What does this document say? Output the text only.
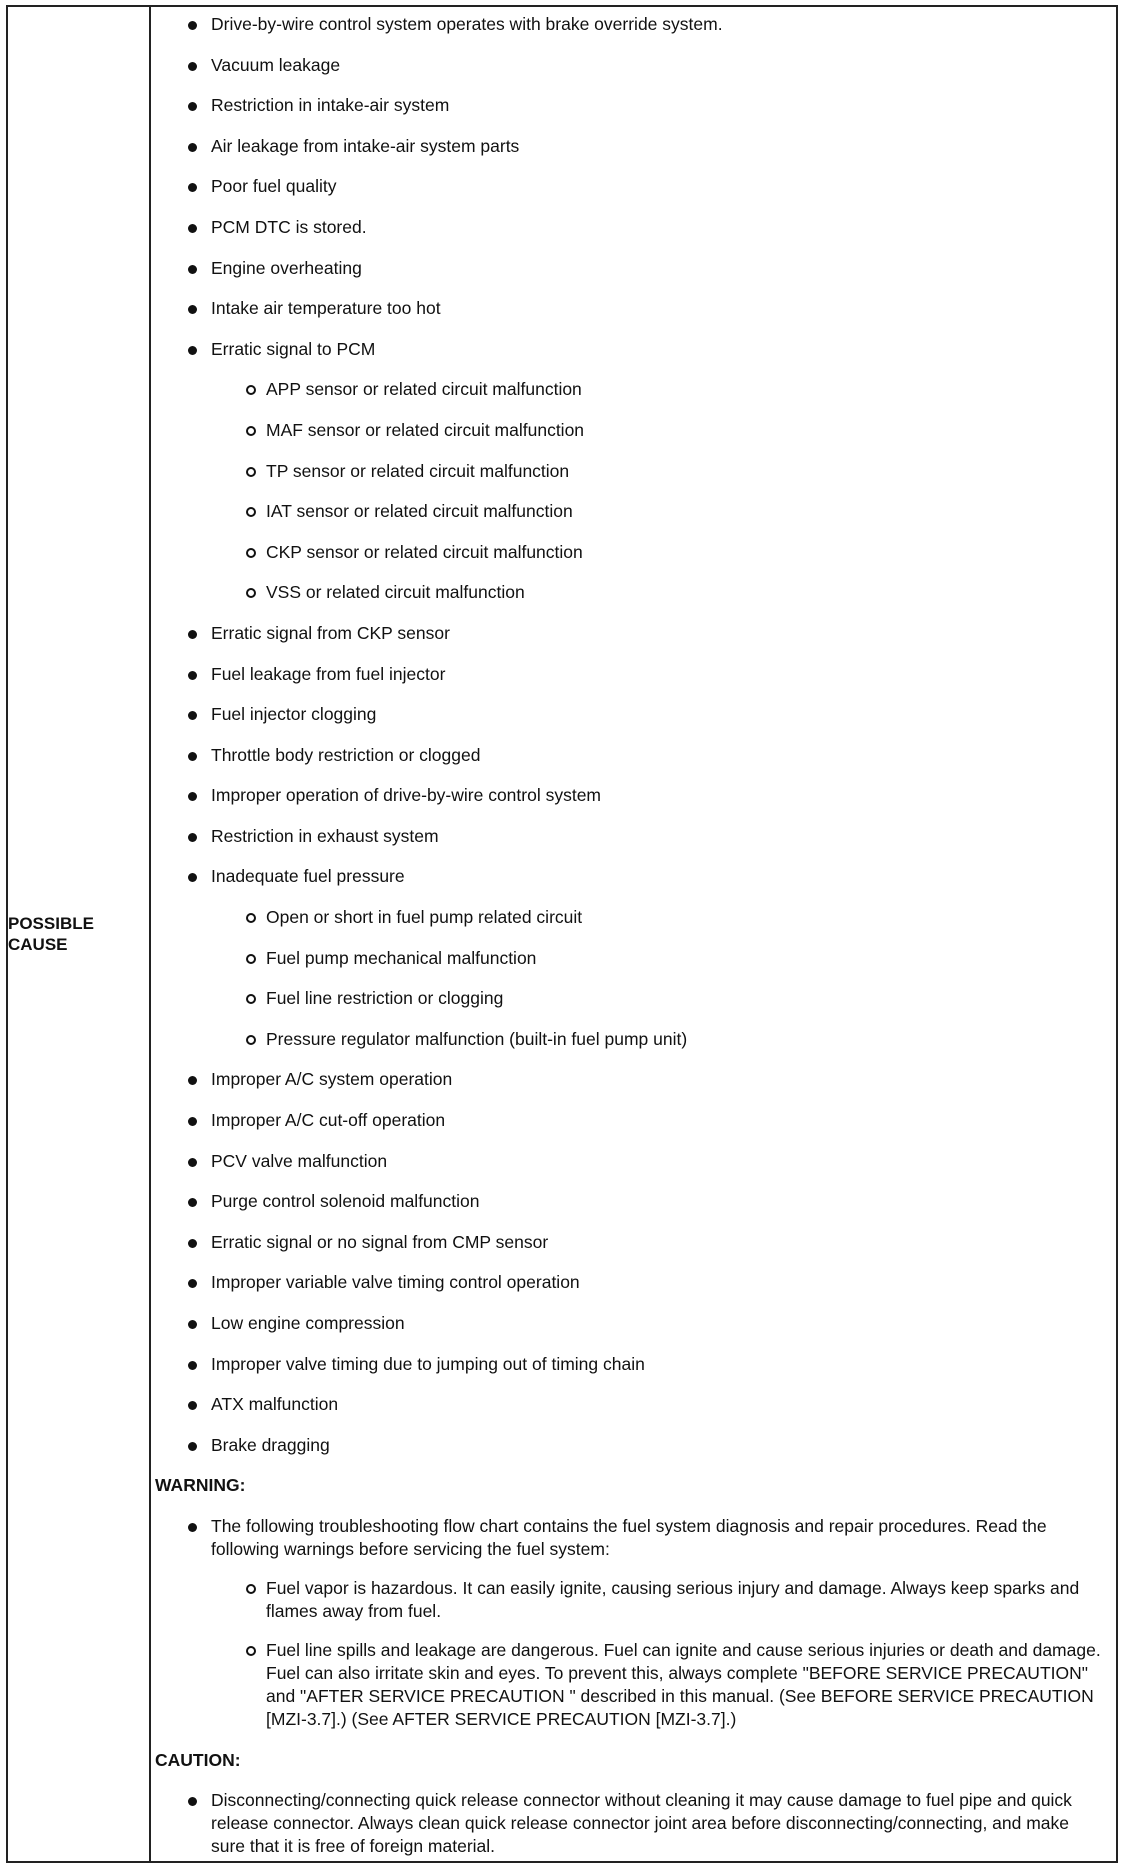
POSSIBLE CAUSE

Drive-by-wire control system operates with brake override system.
Vacuum leakage
Restriction in intake-air system
Air leakage from intake-air system parts
Poor fuel quality
PCM DTC is stored.
Engine overheating
Intake air temperature too hot
Erratic signal to PCM
APP sensor or related circuit malfunction
MAF sensor or related circuit malfunction
TP sensor or related circuit malfunction
IAT sensor or related circuit malfunction
CKP sensor or related circuit malfunction
VSS or related circuit malfunction
Erratic signal from CKP sensor
Fuel leakage from fuel injector
Fuel injector clogging
Throttle body restriction or clogged
Improper operation of drive-by-wire control system
Restriction in exhaust system
Inadequate fuel pressure
Open or short in fuel pump related circuit
Fuel pump mechanical malfunction
Fuel line restriction or clogging
Pressure regulator malfunction (built-in fuel pump unit)
Improper A/C system operation
Improper A/C cut-off operation
PCV valve malfunction
Purge control solenoid malfunction
Erratic signal or no signal from CMP sensor
Improper variable valve timing control operation
Low engine compression
Improper valve timing due to jumping out of timing chain
ATX malfunction
Brake dragging
WARNING:
The following troubleshooting flow chart contains the fuel system diagnosis and repair procedures. Read the following warnings before servicing the fuel system:
Fuel vapor is hazardous. It can easily ignite, causing serious injury and damage. Always keep sparks and flames away from fuel.
Fuel line spills and leakage are dangerous. Fuel can ignite and cause serious injuries or death and damage. Fuel can also irritate skin and eyes. To prevent this, always complete "BEFORE SERVICE PRECAUTION" and "AFTER SERVICE PRECAUTION " described in this manual. (See BEFORE SERVICE PRECAUTION [MZI-3.7].) (See AFTER SERVICE PRECAUTION [MZI-3.7].)
CAUTION:
Disconnecting/connecting quick release connector without cleaning it may cause damage to fuel pipe and quick release connector. Always clean quick release connector joint area before disconnecting/connecting, and make sure that it is free of foreign material.
